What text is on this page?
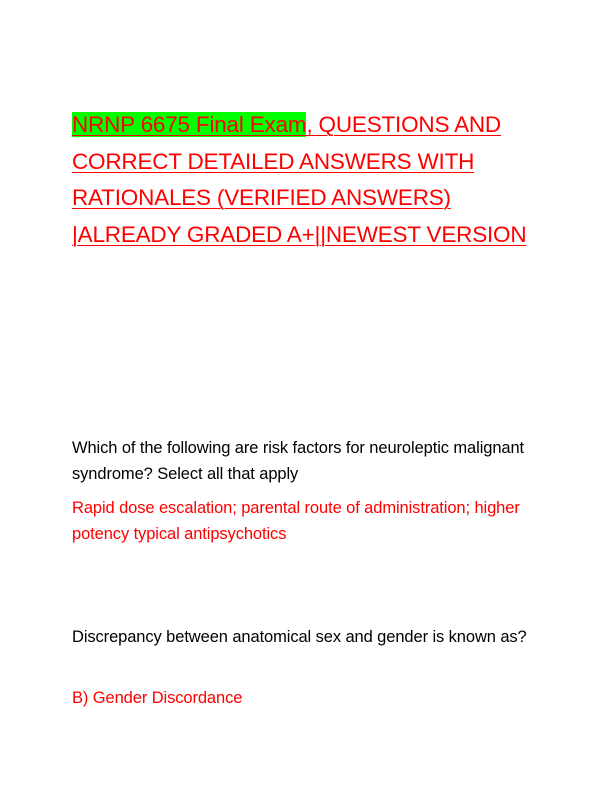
NRNP 6675 Final Exam, QUESTIONS AND CORRECT DETAILED ANSWERS WITH RATIONALES (VERIFIED ANSWERS) |ALREADY GRADED A+||NEWEST VERSION

Which of the following are risk factors for neuroleptic malignant syndrome? Select all that apply

Rapid dose escalation; parental route of administration; higher potency typical antipsychotics

Discrepancy between anatomical sex and gender is known as?

B) Gender Discordance
